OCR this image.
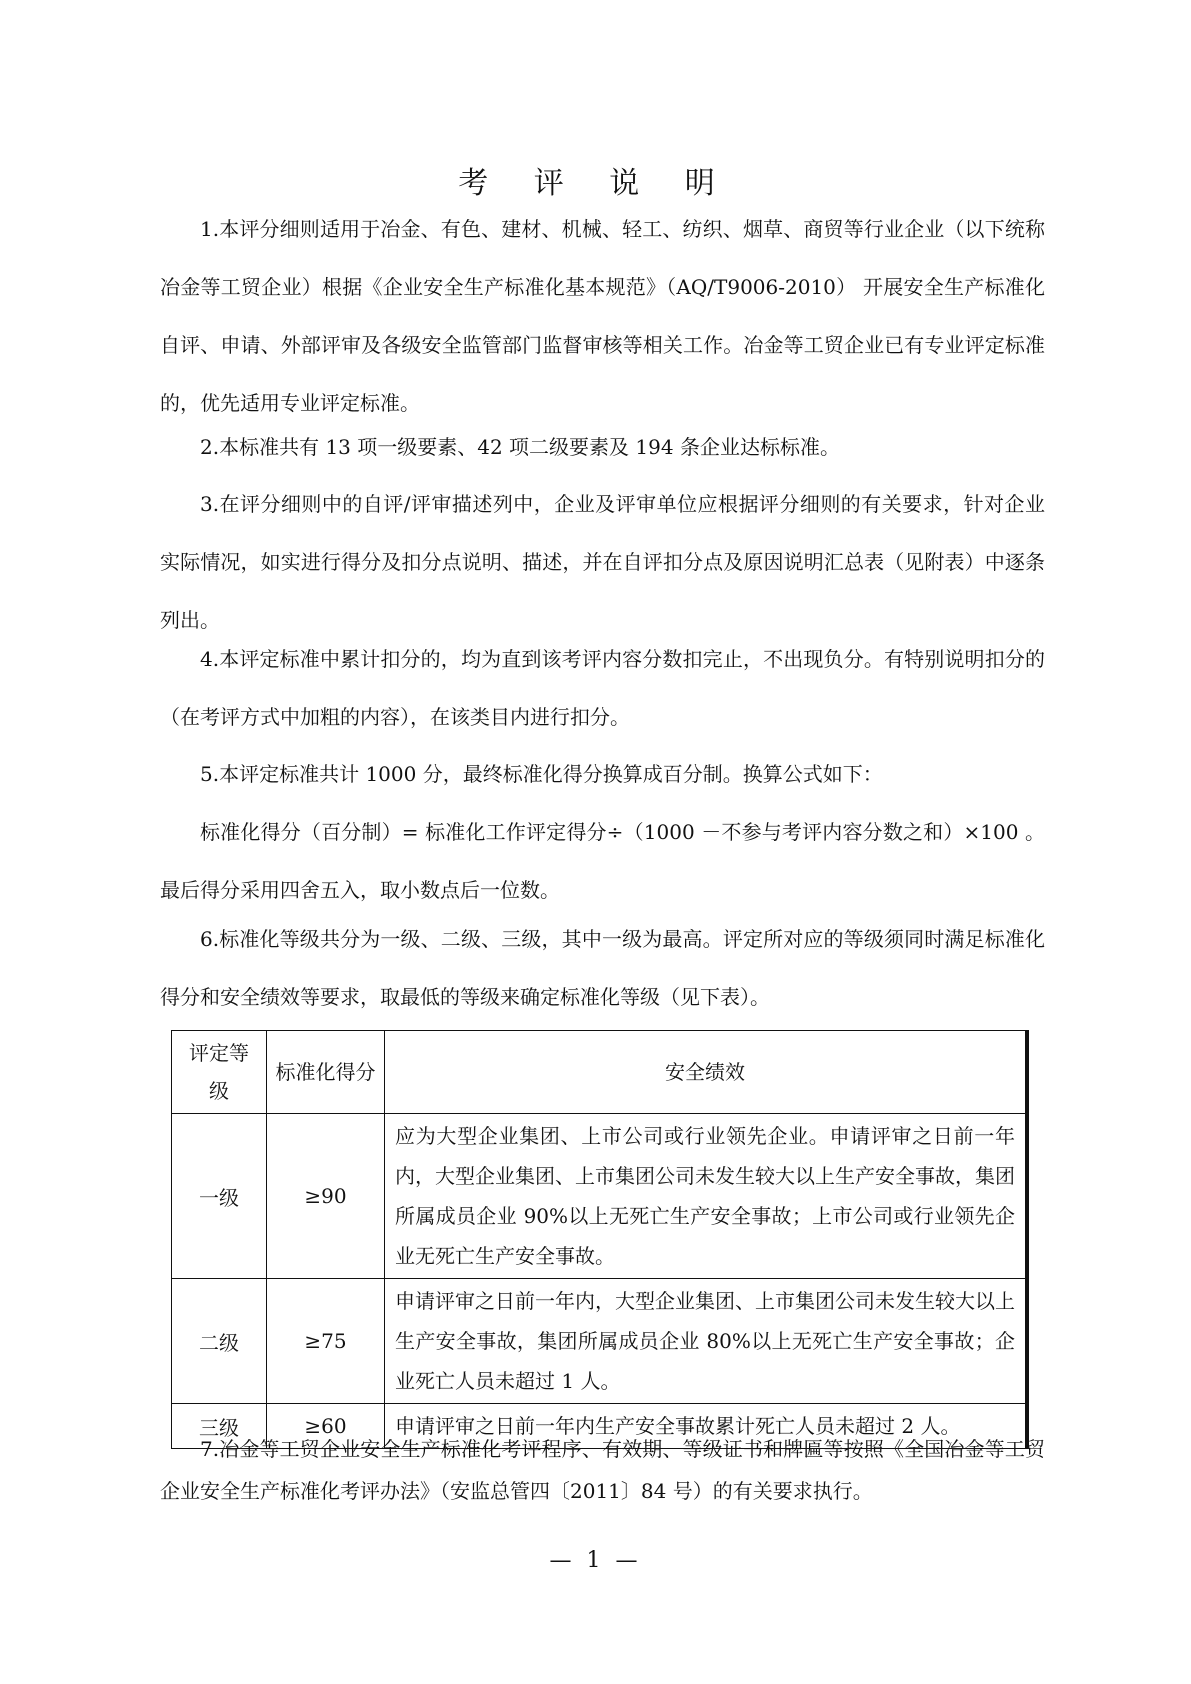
考 评 说 明

1.本评分细则适用于冶金、有色、建材、机械、轻工、纺织、烟草、商贸等行业企业（以下统称冶金等工贸企业）根据《企业安全生产标准化基本规范》（AQ/T9006-2010） 开展安全生产标准化自评、申请、外部评审及各级安全监管部门监督审核等相关工作。冶金等工贸企业已有专业评定标准的，优先适用专业评定标准。

2.本标准共有 13 项一级要素、42 项二级要素及 194 条企业达标标准。

3.在评分细则中的自评/评审描述列中，企业及评审单位应根据评分细则的有关要求，针对企业实际情况，如实进行得分及扣分点说明、描述，并在自评扣分点及原因说明汇总表（见附表）中逐条列出。

4.本评定标准中累计扣分的，均为直到该考评内容分数扣完止，不出现负分。有特别说明扣分的（在考评方式中加粗的内容），在该类目内进行扣分。

5.本评定标准共计 1000 分，最终标准化得分换算成百分制。换算公式如下：

标准化得分（百分制）= 标准化工作评定得分÷（1000 －不参与考评内容分数之和）×100 。最后得分采用四舍五入，取小数点后一位数。

6.标准化等级共分为一级、二级、三级，其中一级为最高。评定所对应的等级须同时满足标准化得分和安全绩效等要求，取最低的等级来确定标准化等级（见下表）。

评定等级	标准化得分	安全绩效
一级	≥90	应为大型企业集团、上市公司或行业领先企业。申请评审之日前一年内，大型企业集团、上市集团公司未发生较大以上生产安全事故，集团所属成员企业 90%以上无死亡生产安全事故；上市公司或行业领先企业无死亡生产安全事故。
二级	≥75	申请评审之日前一年内，大型企业集团、上市集团公司未发生较大以上生产安全事故，集团所属成员企业 80%以上无死亡生产安全事故；企业死亡人员未超过 1 人。
三级	≥60	申请评审之日前一年内生产安全事故累计死亡人员未超过 2 人。

7.冶金等工贸企业安全生产标准化考评程序、有效期、等级证书和牌匾等按照《全国冶金等工贸企业安全生产标准化考评办法》（安监总管四〔2011〕84 号）的有关要求执行。

— 1 —
